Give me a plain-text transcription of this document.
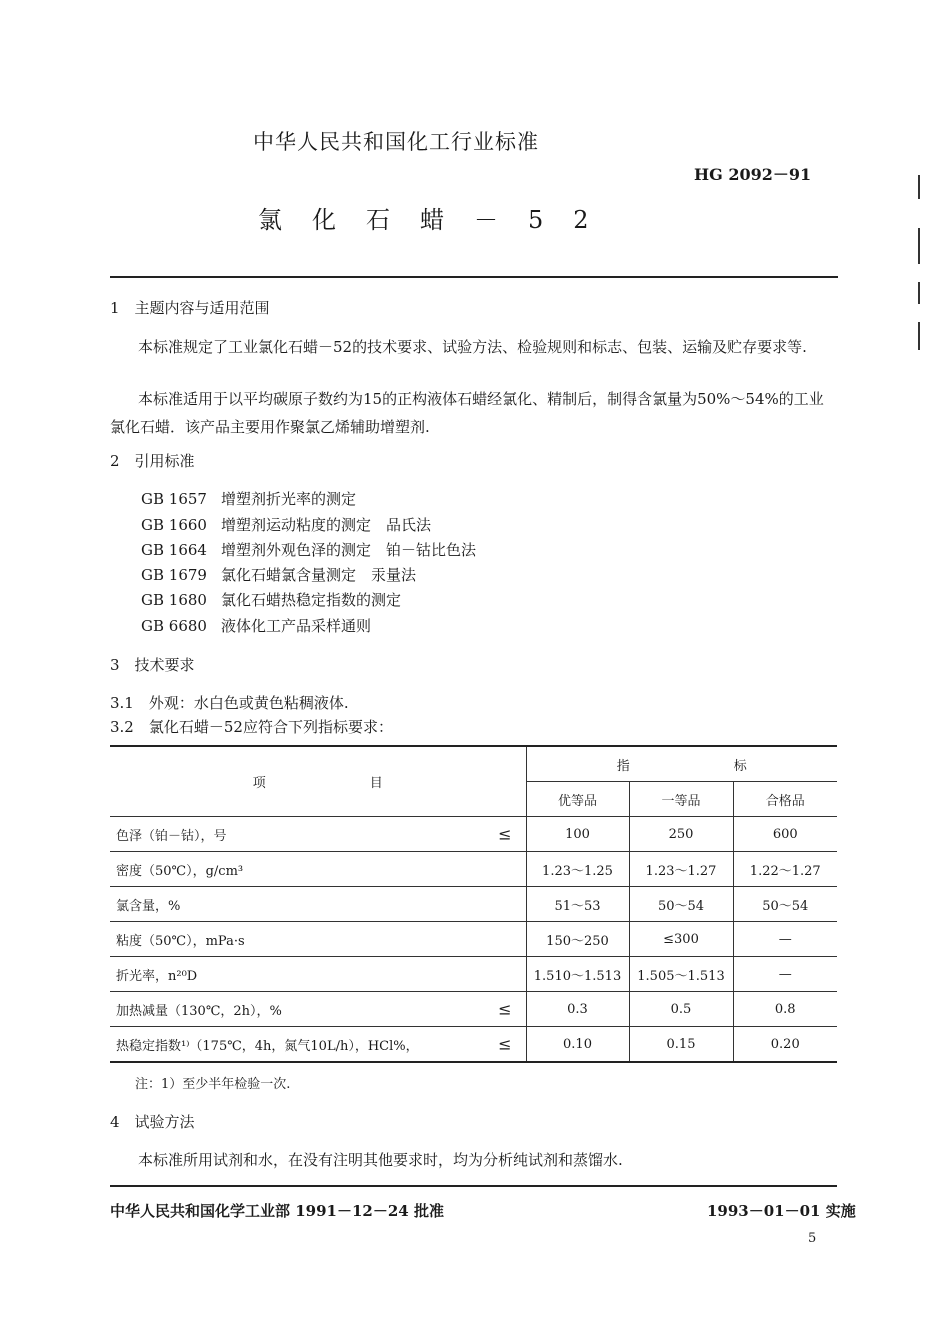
中华人民共和国化工行业标准
HG 2092－91
氯化石蜡－52
1　主题内容与适用范围
本标准规定了工业氯化石蜡－52的技术要求、试验方法、检验规则和标志、包装、运输及贮存要求等.
本标准适用于以平均碳原子数约为15的正构液体石蜡经氯化、精制后，制得含氯量为50%～54%的工业氯化石蜡．该产品主要用作聚氯乙烯辅助增塑剂.
2　引用标准
GB 1657 增塑剂折光率的测定
GB 1660 增塑剂运动粘度的测定　品氏法
GB 1664 增塑剂外观色泽的测定　铂－钴比色法
GB 1679 氯化石蜡氯含量测定　汞量法
GB 1680 氯化石蜡热稳定指数的测定
GB 6680 液体化工产品采样通则
3　技术要求
3.1　外观：水白色或黄色粘稠液体.
3.2　氯化石蜡－52应符合下列指标要求：
项　　　　　　　　目	指　　　　　　　　标		
	优等品	一等品	合格品
色泽（铂－钴），号 ≤	100	250	600
密度（50℃），g/cm³	1.23～1.25	1.23～1.27	1.22～1.27
氯含量，%	51～53	50～54	50～54
粘度（50℃），mPa·s	150～250	≤300	—
折光率，n²⁰D	1.510～1.513	1.505～1.513	—
加热减量（130℃，2h），% ≤	0.3	0.5	0.8
热稳定指数¹⁾（175℃，4h，氮气10L/h），HCl%， ≤	0.10	0.15	0.20
注：1）至少半年检验一次.
4　试验方法
本标准所用试剂和水，在没有注明其他要求时，均为分析纯试剂和蒸馏水.
中华人民共和国化学工业部 1991－12－24 批准	1993－01－01 实施
5
